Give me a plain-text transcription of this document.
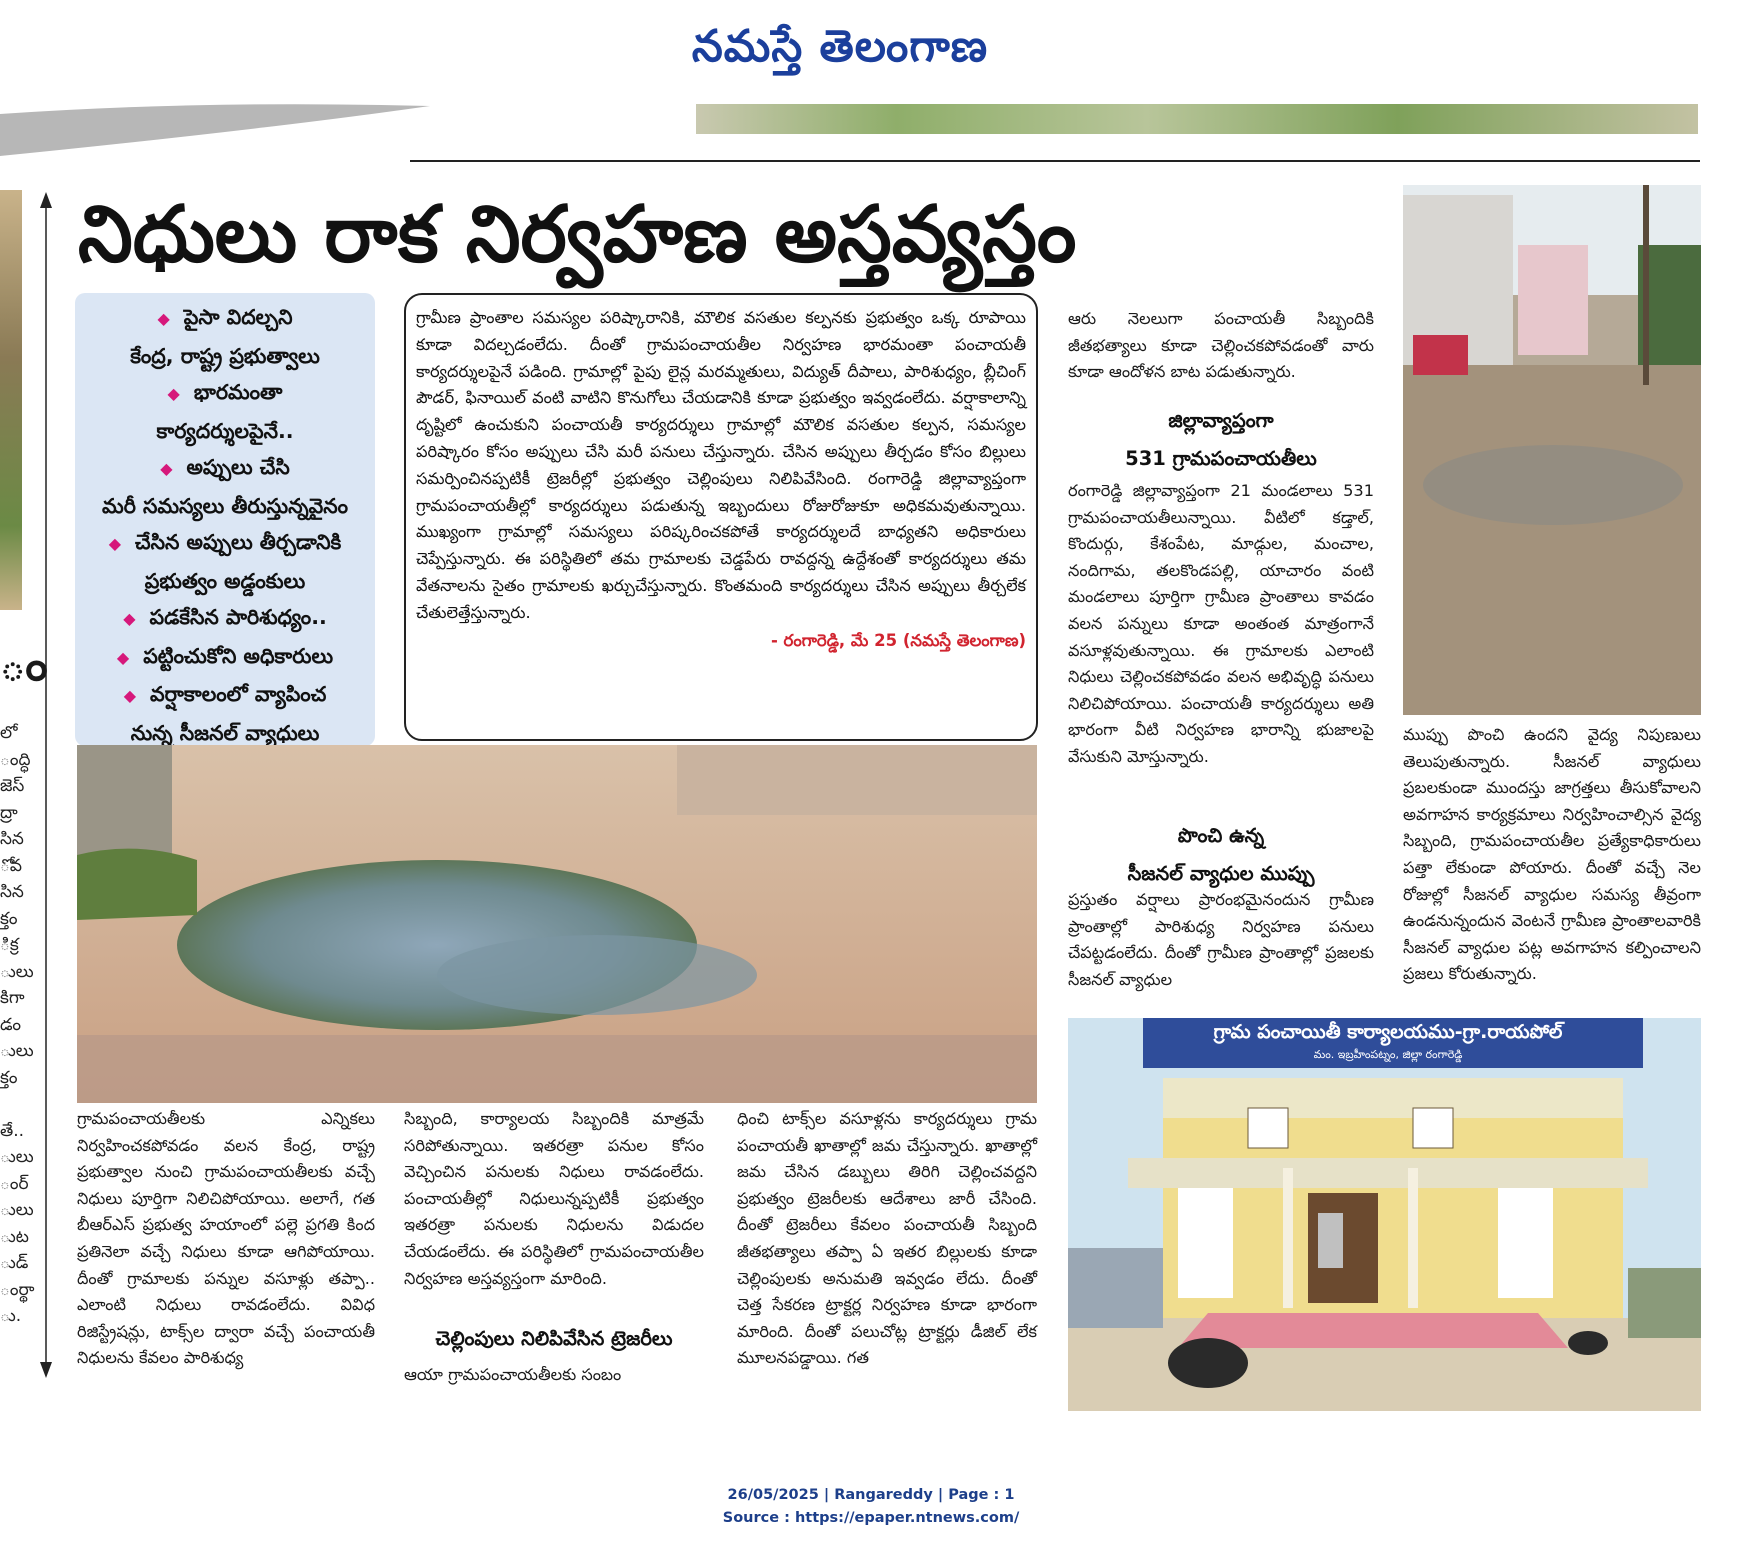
నమస్తే తెలంగాణ
నిధులు రాక నిర్వహణ అస్తవ్యస్తం
ం
లో
ంద్ధి
జెస్
ద్రా
సిన
ోవ
సిన
క్తం
ిక్ర
ులు
కిగా
డం
ులు
క్తం
తే..
ులు
ంర్
ులు
ుట
ుడ్
ంర్థా
ు.
◆ పైసా విదల్చని
కేంద్ర, రాష్ట్ర ప్రభుత్వాలు
◆ భారమంతా
కార్యదర్శులపైనే..
◆ అప్పులు చేసి
మరీ సమస్యలు తీరుస్తున్నవైనం
◆ చేసిన అప్పులు తీర్చడానికి
ప్రభుత్వం అడ్డంకులు
◆ పడకేసిన పారిశుధ్యం..
◆ పట్టించుకోని అధికారులు
◆ వర్షాకాలంలో వ్యాపించ
నున్న సీజనల్ వ్యాధులు
గ్రామీణ ప్రాంతాల సమస్యల పరిష్కారానికి, మౌలిక వసతుల కల్పనకు ప్రభుత్వం ఒక్క రూపాయి కూడా విదల్చడంలేదు. దీంతో గ్రామపంచాయతీల నిర్వహణ భారమంతా పంచాయతీ కార్యదర్శులపైనే పడింది. గ్రామాల్లో పైపు లైన్ల మరమ్మతులు, విద్యుత్ దీపాలు, పారిశుధ్యం, బ్లీచింగ్ పౌడర్, ఫినాయిల్ వంటి వాటిని కొనుగోలు చేయడానికి కూడా ప్రభుత్వం ఇవ్వడంలేదు. వర్షాకాలాన్ని దృష్టిలో ఉంచుకుని పంచాయతీ కార్యదర్శులు గ్రామాల్లో మౌలిక వసతుల కల్పన, సమస్యల పరిష్కారం కోసం అప్పులు చేసి మరీ పనులు చేస్తున్నారు. చేసిన అప్పులు తీర్చడం కోసం బిల్లులు సమర్పించినప్పటికీ ట్రెజరీల్లో ప్రభుత్వం చెల్లింపులు నిలిపివేసింది. రంగారెడ్డి జిల్లావ్యాప్తంగా గ్రామపంచాయతీల్లో కార్యదర్శులు పడుతున్న ఇబ్బందులు రోజురోజుకూ అధికమవుతున్నాయి. ముఖ్యంగా గ్రామాల్లో సమస్యలు పరిష్కరించకపోతే కార్యదర్శులదే బాధ్యతని అధికారులు చెప్పేస్తున్నారు. ఈ పరిస్థితిలో తమ గ్రామాలకు చెడ్డపేరు రావద్దన్న ఉద్దేశంతో కార్యదర్శులు తమ వేతనాలను సైతం గ్రామాలకు ఖర్చుచేస్తున్నారు. కొంతమంది కార్యదర్శులు చేసిన అప్పులు తీర్చలేక చేతులెత్తేస్తున్నారు.
- రంగారెడ్డి, మే 25 (నమస్తే తెలంగాణ)
గ్రామ పంచాయితీ కార్యాలయము-గ్రా.రాయపోల్
మం. ఇబ్రహీంపట్నం, జిల్లా రంగారెడ్డి
ఆరు నెలలుగా పంచాయతీ సిబ్బందికి జీతభత్యాలు కూడా చెల్లించకపోవడంతో వారు కూడా ఆందోళన బాట పడుతున్నారు.
జిల్లావ్యాప్తంగా
531 గ్రామపంచాయతీలు
రంగారెడ్డి జిల్లావ్యాప్తంగా 21 మండలాలు 531 గ్రామపంచాయతీలున్నాయి. వీటిలో కడ్తాల్, కొందుర్గు, కేశంపేట, మాడ్గుల, మంచాల, నందిగామ, తలకొండపల్లి, యాచారం వంటి మండలాలు పూర్తిగా గ్రామీణ ప్రాంతాలు కావడం వలన పన్నులు కూడా అంతంత మాత్రంగానే వసూళ్లవుతున్నాయి. ఈ గ్రామాలకు ఎలాంటి నిధులు చెల్లించకపోవడం వలన అభివృద్ధి పనులు నిలిచిపోయాయి. పంచాయతీ కార్యదర్శులు అతి భారంగా వీటి నిర్వహణ భారాన్ని భుజాలపై వేసుకుని మోస్తున్నారు.
పొంచి ఉన్న
సీజనల్ వ్యాధుల ముప్పు
ప్రస్తుతం వర్షాలు ప్రారంభమైనందున గ్రామీణ ప్రాంతాల్లో పారిశుధ్య నిర్వహణ పనులు చేపట్టడంలేదు. దీంతో గ్రామీణ ప్రాంతాల్లో ప్రజలకు సీజనల్ వ్యాధుల
ముప్పు పొంచి ఉందని వైద్య నిపుణులు తెలుపుతున్నారు. సీజనల్ వ్యాధులు ప్రబలకుండా ముందస్తు జాగ్రత్తలు తీసుకోవాలని అవగాహన కార్యక్రమాలు నిర్వహించాల్సిన వైద్య సిబ్బంది, గ్రామపంచాయతీల ప్రత్యేకాధికారులు పత్తా లేకుండా పోయారు. దీంతో వచ్చే నెల రోజుల్లో సీజనల్ వ్యాధుల సమస్య తీవ్రంగా ఉండనున్నందున వెంటనే గ్రామీణ ప్రాంతాలవారికి సీజనల్ వ్యాధుల పట్ల అవగాహన కల్పించాలని ప్రజలు కోరుతున్నారు.
గ్రామపంచాయతీలకు ఎన్నికలు నిర్వహించకపోవడం వలన కేంద్ర, రాష్ట్ర ప్రభుత్వాల నుంచి గ్రామపంచాయతీలకు వచ్చే నిధులు పూర్తిగా నిలిచిపోయాయి. అలాగే, గత బీఆర్ఎస్ ప్రభుత్వ హయాంలో పల్లె ప్రగతి కింద ప్రతినెలా వచ్చే నిధులు కూడా ఆగిపోయాయి. దీంతో గ్రామాలకు పన్నుల వసూళ్లు తప్పా.. ఎలాంటి నిధులు రావడంలేదు. వివిధ రిజిస్ట్రేషన్లు, టాక్స్‌ల ద్వారా వచ్చే పంచాయతీ నిధులను కేవలం పారిశుధ్య
సిబ్బంది, కార్యాలయ సిబ్బందికి మాత్రమే సరిపోతున్నాయి. ఇతరత్రా పనుల కోసం వెచ్చించిన పనులకు నిధులు రావడంలేదు. పంచాయతీల్లో నిధులున్నప్పటికీ ప్రభుత్వం ఇతరత్రా పనులకు నిధులను విడుదల చేయడంలేదు. ఈ పరిస్థితిలో గ్రామపంచాయతీల నిర్వహణ అస్తవ్యస్తంగా మారింది.
చెల్లింపులు నిలిపివేసిన ట్రెజరీలు
ఆయా గ్రామపంచాయతీలకు సంబం
ధించి టాక్స్‌ల వసూళ్లను కార్యదర్శులు గ్రామ పంచాయతీ ఖాతాల్లో జమ చేస్తున్నారు. ఖాతాల్లో జమ చేసిన డబ్బులు తిరిగి చెల్లించవద్దని ప్రభుత్వం ట్రెజరీలకు ఆదేశాలు జారీ చేసింది. దీంతో ట్రెజరీలు కేవలం పంచాయతీ సిబ్బంది జీతభత్యాలు తప్పా ఏ ఇతర బిల్లులకు కూడా చెల్లింపులకు అనుమతి ఇవ్వడం లేదు. దీంతో చెత్త సేకరణ ట్రాక్టర్ల నిర్వహణ కూడా భారంగా మారింది. దీంతో పలుచోట్ల ట్రాక్టర్లు డీజిల్ లేక మూలనపడ్డాయి. గత
26/05/2025 | Rangareddy | Page : 1
Source : https://epaper.ntnews.com/
